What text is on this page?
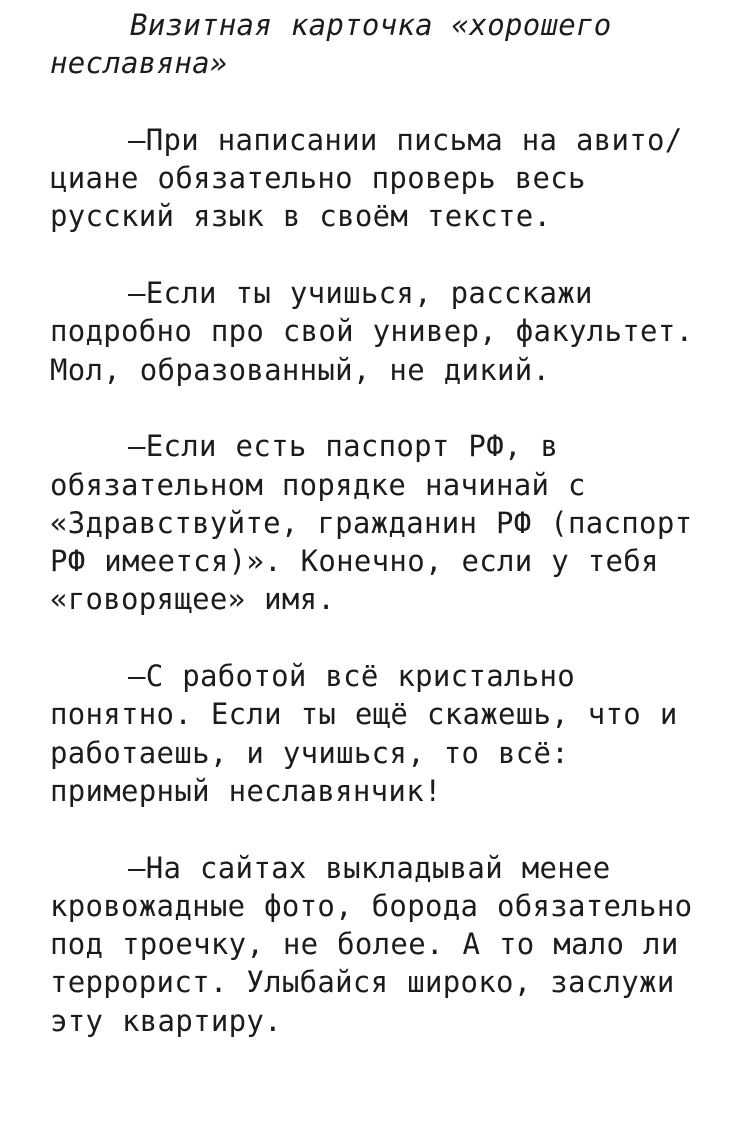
Визитная карточка «хорошего неславяна»

—При написании письма на авито/циане обязательно проверь весь русский язык в своём тексте.

—Если ты учишься, расскажи подробно про свой универ, факультет. Мол, образованный, не дикий.

—Если есть паспорт РФ, в обязательном порядке начинай с «Здравствуйте, гражданин РФ (паспорт РФ имеется)». Конечно, если у тебя «говорящее» имя.

—С работой всё кристально понятно. Если ты ещё скажешь, что и работаешь, и учишься, то всё: примерный неславянчик!

—На сайтах выкладывай менее кровожадные фото, борода обязательно под троечку, не более. А то мало ли террорист. Улыбайся широко, заслужи эту квартиру.
